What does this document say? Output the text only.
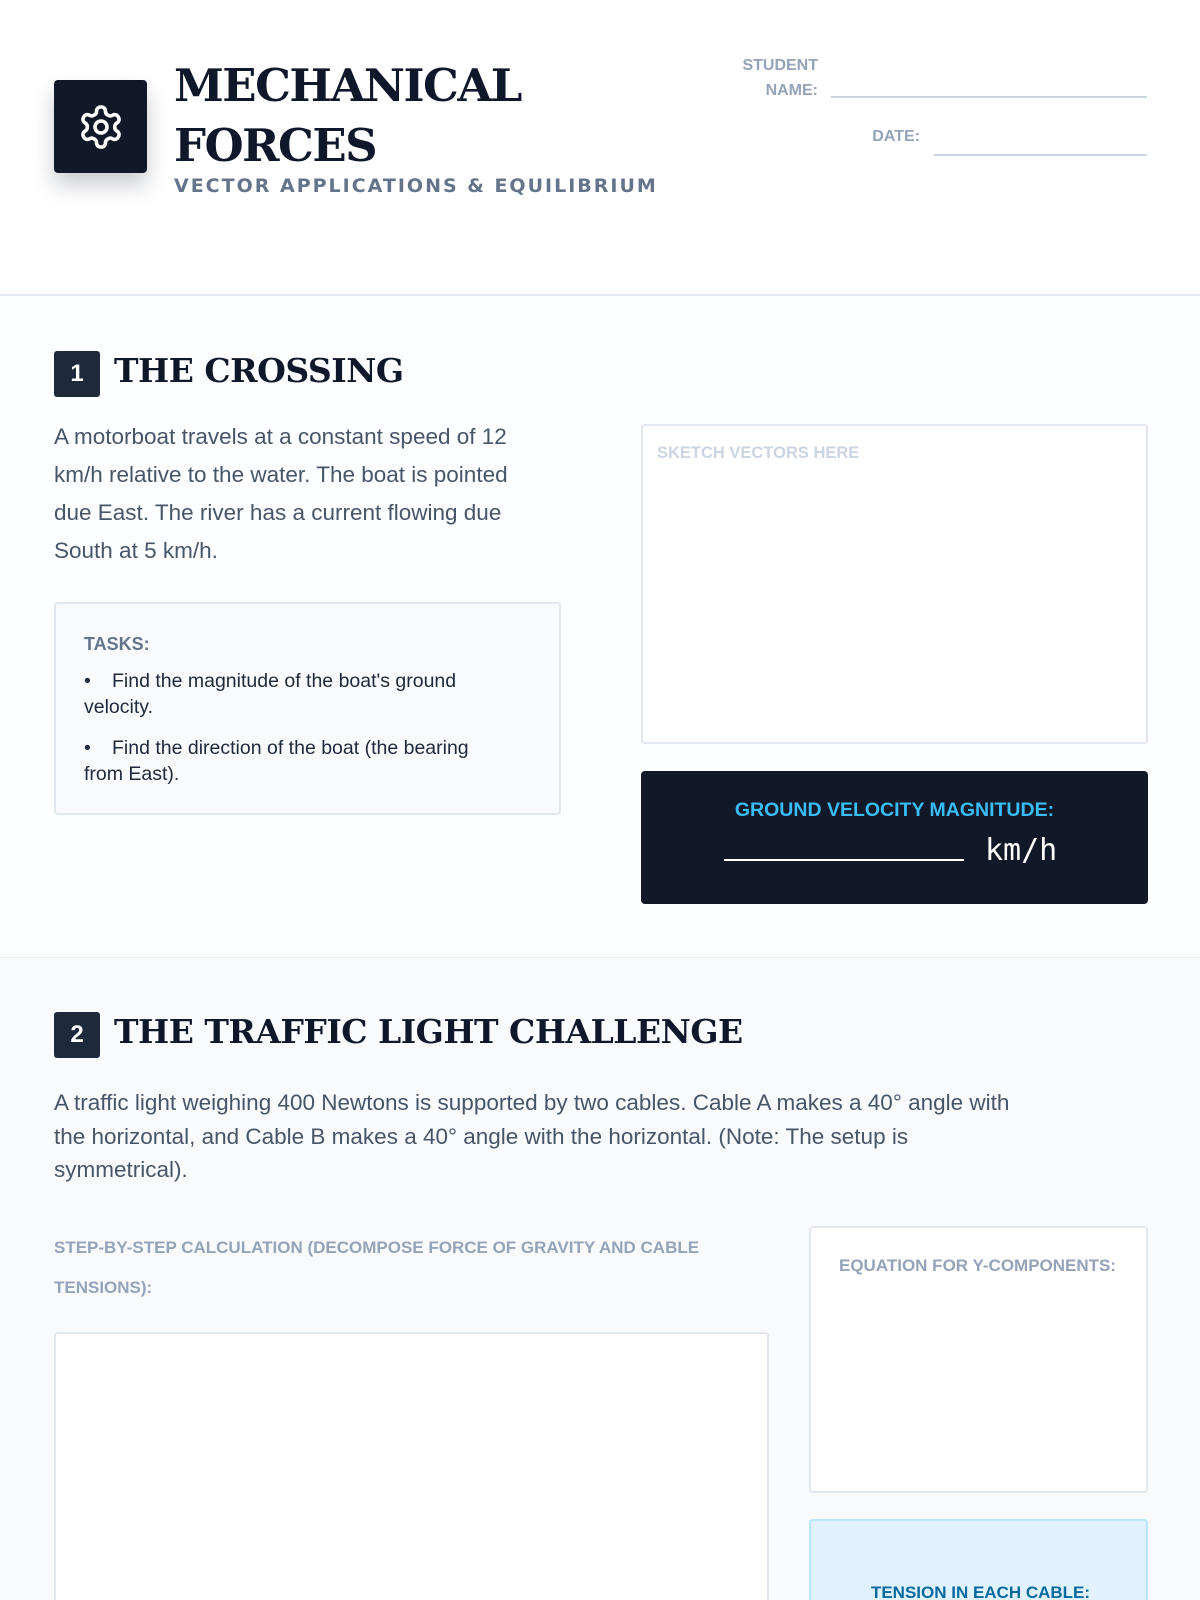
MECHANICAL
FORCES
VECTOR APPLICATIONS & EQUILIBRIUM
STUDENT
NAME:
DATE:
1 THE CROSSING
A motorboat travels at a constant speed of 12
km/h relative to the water. The boat is pointed
due East. The river has a current flowing due
South at 5 km/h.
TASKS:
• Find the magnitude of the boat's ground
velocity.
• Find the direction of the boat (the bearing
from East).
SKETCH VECTORS HERE
GROUND VELOCITY MAGNITUDE:
km/h
2 THE TRAFFIC LIGHT CHALLENGE
A traffic light weighing 400 Newtons is supported by two cables. Cable A makes a 40° angle with
the horizontal, and Cable B makes a 40° angle with the horizontal. (Note: The setup is
symmetrical).
STEP-BY-STEP CALCULATION (DECOMPOSE FORCE OF GRAVITY AND CABLE
TENSIONS):
EQUATION FOR Y-COMPONENTS:
TENSION IN EACH CABLE:
